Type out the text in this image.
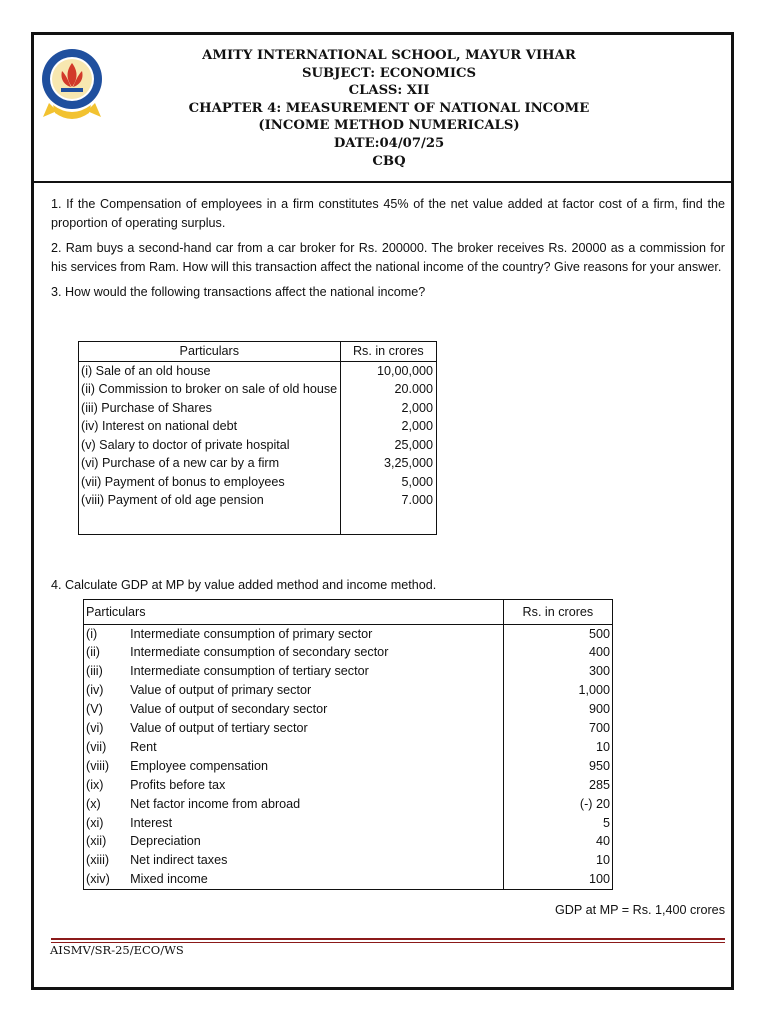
AMITY INTERNATIONAL SCHOOL, MAYUR VIHAR
SUBJECT: ECONOMICS
CLASS: XII
CHAPTER 4: MEASUREMENT OF NATIONAL INCOME
(INCOME METHOD NUMERICALS)
DATE:04/07/25
CBQ

1. If the Compensation of employees in a firm constitutes 45% of the net value added at factor cost of a firm, find the proportion of operating surplus.

2. Ram buys a second-hand car from a car broker for Rs. 200000. The broker receives Rs. 20000 as a commission for his services from Ram. How will this transaction affect the national income of the country? Give reasons for your answer.

3. How would the following transactions affect the national income?

Particulars	Rs. in crores
(i) Sale of an old house	10,00,000
(ii) Commission to broker on sale of old house	20.000
(iii) Purchase of Shares	2,000
(iv) Interest on national debt	2,000
(v) Salary to doctor of private hospital	25,000
(vi) Purchase of a new car by a firm	3,25,000
(vii) Payment of bonus to employees	5,000
(viii) Payment of old age pension	7.000

4. Calculate GDP at MP by value added method and income method.

Particulars		Rs. in crores
(i)	Intermediate consumption of primary sector	500
(ii)	Intermediate consumption of secondary sector	400
(iii)	Intermediate consumption of tertiary sector	300
(iv)	Value of output of primary sector	1,000
(V)	Value of output of secondary sector	900
(vi)	Value of output of tertiary sector	700
(vii)	Rent	10
(viii)	Employee compensation	950
(ix)	Profits before tax	285
(x)	Net factor income from abroad	(-) 20
(xi)	Interest	5
(xii)	Depreciation	40
(xiii)	Net indirect taxes	10
(xiv)	Mixed income	100
GDP at MP = Rs. 1,400 crores
AISMV/SR-25/ECO/WS
